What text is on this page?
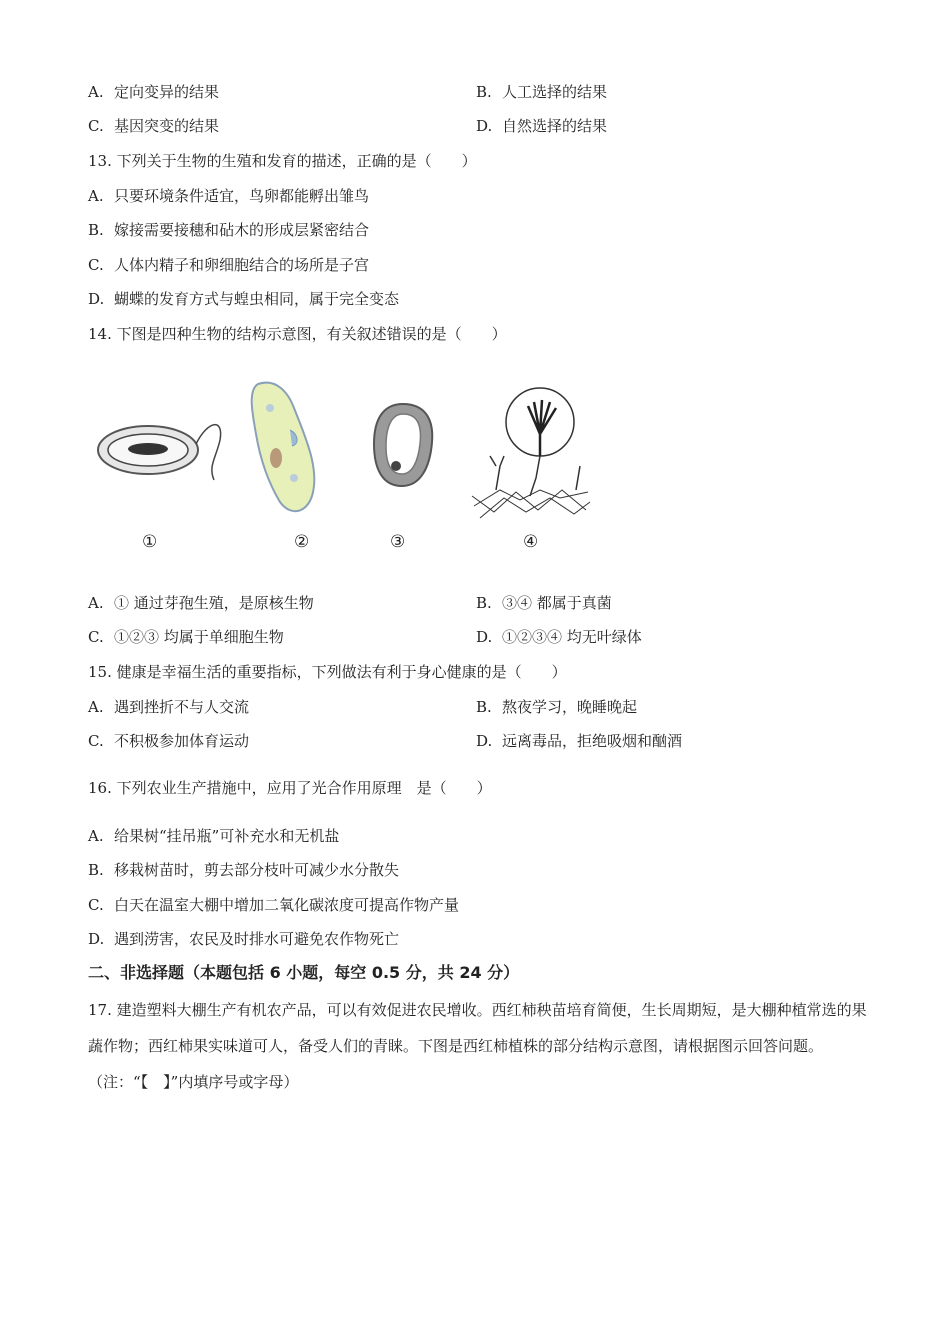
A. 定向变异的结果	B. 人工选择的结果
C. 基因突变的结果	D. 自然选择的结果
13. 下列关于生物的生殖和发育的描述，正确的是（　　）
A. 只要环境条件适宜，鸟卵都能孵出雏鸟
B. 嫁接需要接穗和砧木的形成层紧密结合
C. 人体内精子和卵细胞结合的场所是子宫
D. 蝴蝶的发育方式与蝗虫相同，属于完全变态
14. 下图是四种生物的结构示意图，有关叙述错误的是（　　）
①	②	③	④
A. ① 通过芽孢生殖，是原核生物	B. ③④ 都属于真菌
C. ①②③ 均属于单细胞生物	D. ①②③④ 均无叶绿体
15. 健康是幸福生活的重要指标，下列做法有利于身心健康的是（　　）
A. 遇到挫折不与人交流	B. 熬夜学习，晚睡晚起
C. 不积极参加体育运动	D. 远离毒品，拒绝吸烟和酗酒
16. 下列农业生产措施中，应用了光合作用原理　是（　　）
A. 给果树“挂吊瓶”可补充水和无机盐
B. 移栽树苗时，剪去部分枝叶可减少水分散失
C. 白天在温室大棚中增加二氧化碳浓度可提高作物产量
D. 遇到涝害，农民及时排水可避免农作物死亡
二、非选择题（本题包括 6 小题，每空 0.5 分，共 24 分）
17. 建造塑料大棚生产有机农产品，可以有效促进农民增收。西红柿秧苗培育简便，生长周期短，是大棚种植常选的果蔬作物；西红柿果实味道可人，备受人们的青睐。下图是西红柿植株的部分结构示意图，请根据图示回答问题。（注：“【　】”内填序号或字母）
